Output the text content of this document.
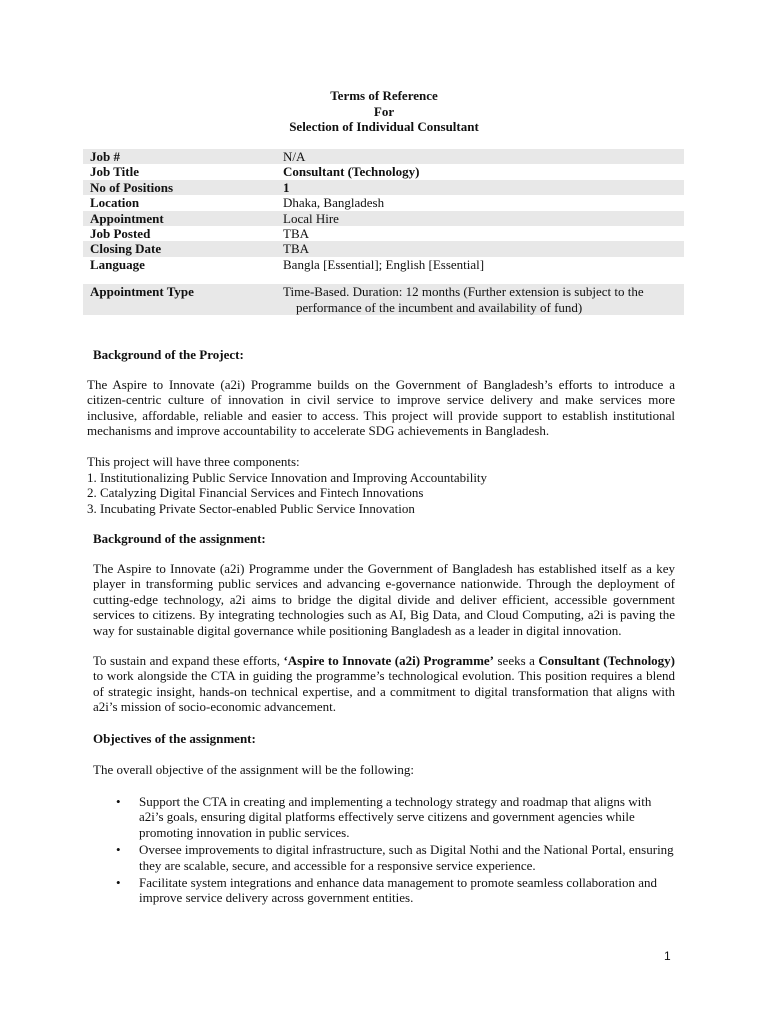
Terms of Reference
For
Selection of Individual Consultant
Job #	N/A
Job Title	Consultant (Technology)
No of Positions	1
Location	Dhaka, Bangladesh
Appointment	Local Hire
Job Posted	TBA
Closing Date	TBA
Language	Bangla [Essential]; English [Essential]

Appointment Type	Time-Based. Duration: 12 months (Further extension is subject to the
performance of the incumbent and availability of fund)
Background of the Project:
The Aspire to Innovate (a2i) Programme builds on the Government of Bangladesh’s efforts to introduce a citizen-centric culture of innovation in civil service to improve service delivery and make services more inclusive, affordable, reliable and easier to access. This project will provide support to establish institutional mechanisms and improve accountability to accelerate SDG achievements in Bangladesh.
This project will have three components:
1. Institutionalizing Public Service Innovation and Improving Accountability
2. Catalyzing Digital Financial Services and Fintech Innovations
3. Incubating Private Sector-enabled Public Service Innovation
Background of the assignment:
The Aspire to Innovate (a2i) Programme under the Government of Bangladesh has established itself as a key player in transforming public services and advancing e-governance nationwide. Through the deployment of cutting-edge technology, a2i aims to bridge the digital divide and deliver efficient, accessible government services to citizens. By integrating technologies such as AI, Big Data, and Cloud Computing, a2i is paving the way for sustainable digital governance while positioning Bangladesh as a leader in digital innovation.
To sustain and expand these efforts, ‘Aspire to Innovate (a2i) Programme’ seeks a Consultant (Technology) to work alongside the CTA in guiding the programme’s technological evolution. This position requires a blend of strategic insight, hands-on technical expertise, and a commitment to digital transformation that aligns with a2i’s mission of socio-economic advancement.
Objectives of the assignment:
The overall objective of the assignment will be the following:
• Support the CTA in creating and implementing a technology strategy and roadmap that aligns with a2i’s goals, ensuring digital platforms effectively serve citizens and government agencies while promoting innovation in public services.
• Oversee improvements to digital infrastructure, such as Digital Nothi and the National Portal, ensuring they are scalable, secure, and accessible for a responsive service experience.
• Facilitate system integrations and enhance data management to promote seamless collaboration and improve service delivery across government entities.
1
